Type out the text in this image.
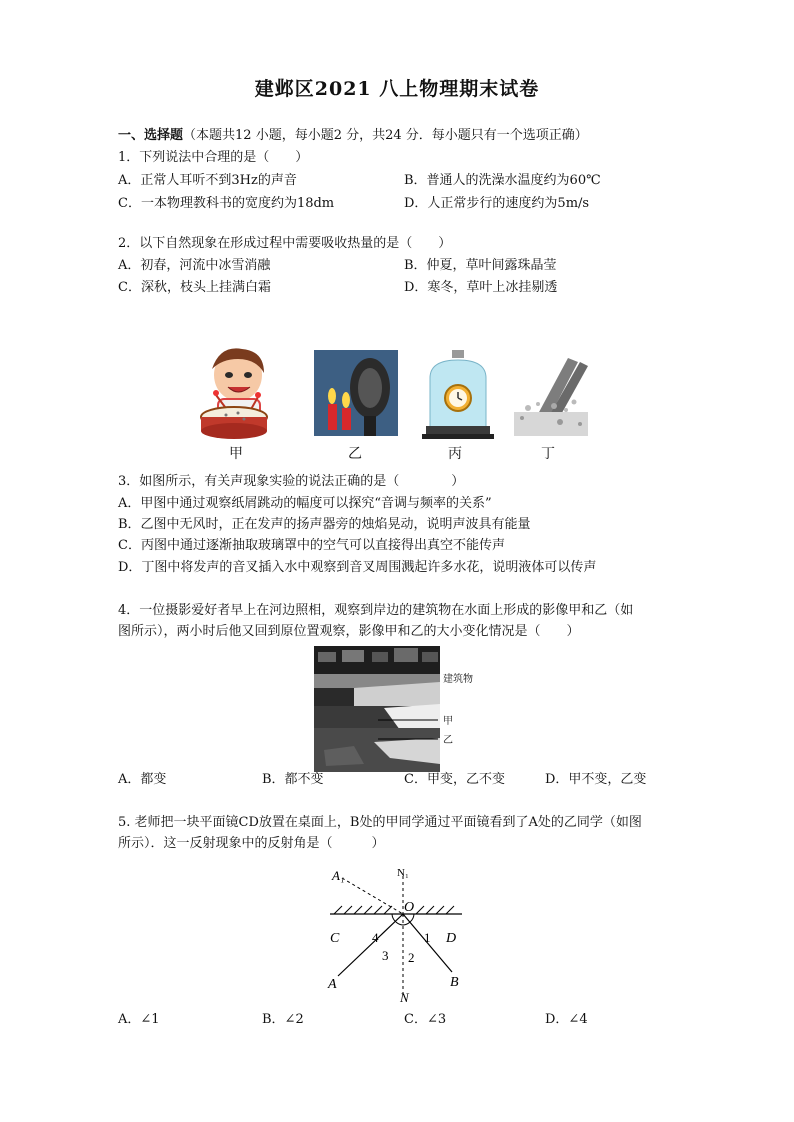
建邺区2021 八上物理期末试卷
一、选择题（本题共12 小题，每小题2 分，共24 分．每小题只有一个选项正确）
1．下列说法中合理的是（　　）
A．正常人耳听不到3Hz的声音	B．普通人的洗澡水温度约为60℃
C．一本物理教科书的宽度约为18dm	D．人正常步行的速度约为5m/s
2．以下自然现象在形成过程中需要吸收热量的是（　　）
A．初春，河流中冰雪消融	B．仲夏，草叶间露珠晶莹
C．深秋，枝头上挂满白霜	D．寒冬，草叶上冰挂剔透
甲	乙	丙	丁
3．如图所示，有关声现象实验的说法正确的是（　　　　）
A．甲图中通过观察纸屑跳动的幅度可以探究“音调与频率的关系”
B．乙图中无风时，正在发声的扬声器旁的烛焰晃动，说明声波具有能量
C．丙图中通过逐渐抽取玻璃罩中的空气可以直接得出真空不能传声
D．丁图中将发声的音叉插入水中观察到音叉周围溅起许多水花，说明液体可以传声
4．一位摄影爱好者早上在河边照相，观察到岸边的建筑物在水面上形成的影像甲和乙（如
图所示），两小时后他又回到原位置观察，影像甲和乙的大小变化情况是（　　）
建筑物
甲
乙
A．都变	B．都不变	C．甲变，乙不变	D．甲不变，乙变
5. 老师把一块平面镜CD放置在桌面上，B处的甲同学通过平面镜看到了A处的乙同学（如图
所示）．这一反射现象中的反射角是（　　　）
A₁	N₁
O
C	D
4	1
3 2
A	B
N
A．∠1	B．∠2	C．∠3	D．∠4
